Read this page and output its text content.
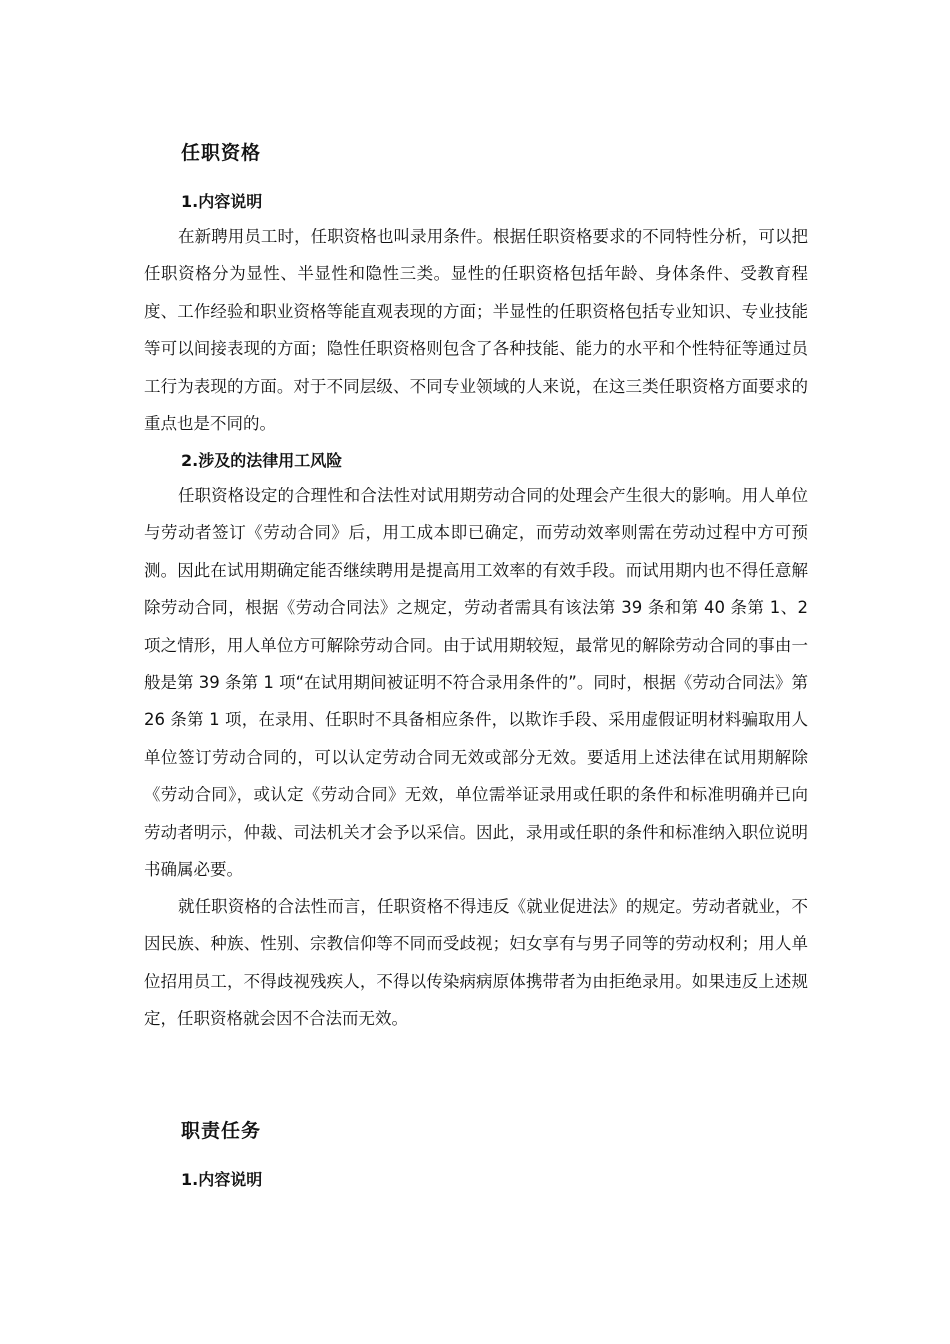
任职资格
1.内容说明

在新聘用员工时，任职资格也叫录用条件。根据任职资格要求的不同特性分析，可以把任职资格分为显性、半显性和隐性三类。显性的任职资格包括年龄、身体条件、受教育程度、工作经验和职业资格等能直观表现的方面；半显性的任职资格包括专业知识、专业技能等可以间接表现的方面；隐性任职资格则包含了各种技能、能力的水平和个性特征等通过员工行为表现的方面。对于不同层级、不同专业领域的人来说，在这三类任职资格方面要求的重点也是不同的。

2.涉及的法律用工风险

任职资格设定的合理性和合法性对试用期劳动合同的处理会产生很大的影响。用人单位与劳动者签订《劳动合同》后，用工成本即已确定，而劳动效率则需在劳动过程中方可预测。因此在试用期确定能否继续聘用是提高用工效率的有效手段。而试用期内也不得任意解除劳动合同，根据《劳动合同法》之规定，劳动者需具有该法第 39 条和第 40 条第 1、2 项之情形，用人单位方可解除劳动合同。由于试用期较短，最常见的解除劳动合同的事由一般是第 39 条第 1 项“在试用期间被证明不符合录用条件的”。同时，根据《劳动合同法》第 26 条第 1 项，在录用、任职时不具备相应条件，以欺诈手段、采用虚假证明材料骗取用人单位签订劳动合同的，可以认定劳动合同无效或部分无效。要适用上述法律在试用期解除《劳动合同》，或认定《劳动合同》无效，单位需举证录用或任职的条件和标准明确并已向劳动者明示，仲裁、司法机关才会予以采信。因此，录用或任职的条件和标准纳入职位说明书确属必要。

就任职资格的合法性而言，任职资格不得违反《就业促进法》的规定。劳动者就业，不因民族、种族、性别、宗教信仰等不同而受歧视；妇女享有与男子同等的劳动权利；用人单位招用员工，不得歧视残疾人，不得以传染病病原体携带者为由拒绝录用。如果违反上述规定，任职资格就会因不合法而无效。

职责任务
1.内容说明
